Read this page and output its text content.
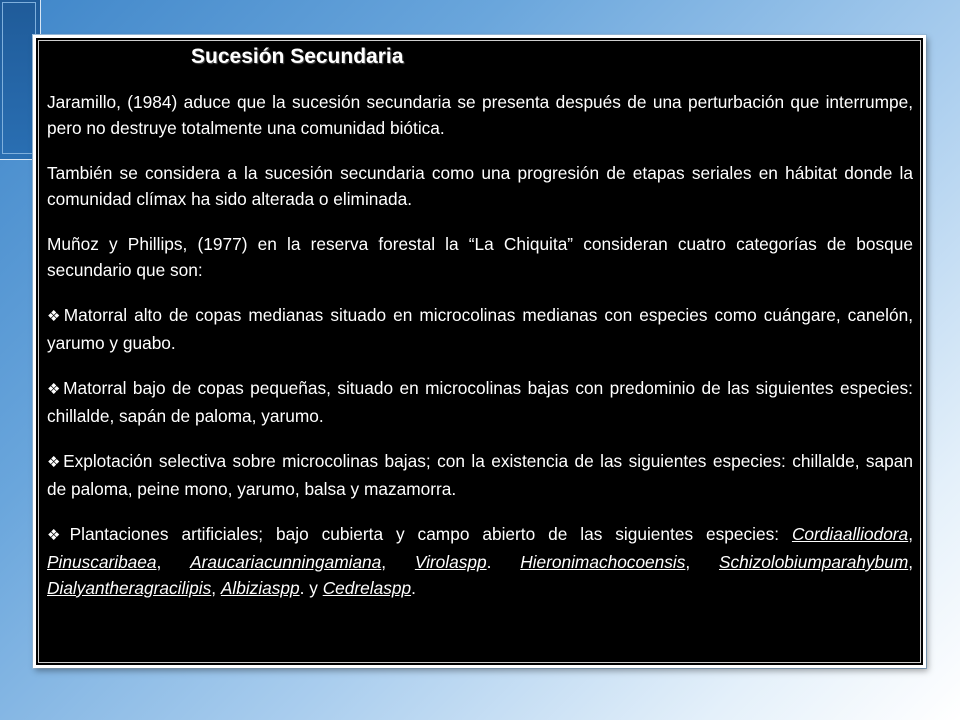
Sucesión Secundaria

Jaramillo, (1984) aduce que la sucesión secundaria se presenta después de una perturbación que interrumpe, pero no destruye totalmente una comunidad biótica.

También se considera a la sucesión secundaria como una progresión de etapas seriales en hábitat donde la comunidad clímax ha sido alterada o eliminada.

Muñoz y Phillips, (1977) en la reserva forestal la “La Chiquita” consideran cuatro categorías de bosque secundario que son:

❖Matorral alto de copas medianas situado en microcolinas medianas con especies como cuángare, canelón, yarumo y guabo.

❖Matorral bajo de copas pequeñas, situado en microcolinas bajas con predominio de las siguientes especies: chillalde, sapán de paloma, yarumo.

❖Explotación selectiva sobre microcolinas bajas; con la existencia de las siguientes especies: chillalde, sapan de paloma, peine mono, yarumo, balsa y mazamorra.

❖Plantaciones artificiales; bajo cubierta y campo abierto de las siguientes especies: Cordiaalliodora, Pinuscaribaea, Araucariacunningamiana, Virolaspp. Hieronimachocoensis, Schizolobiumparahybum, Dialyantheragracilipis, Albiziaspp. y Cedrelaspp.
